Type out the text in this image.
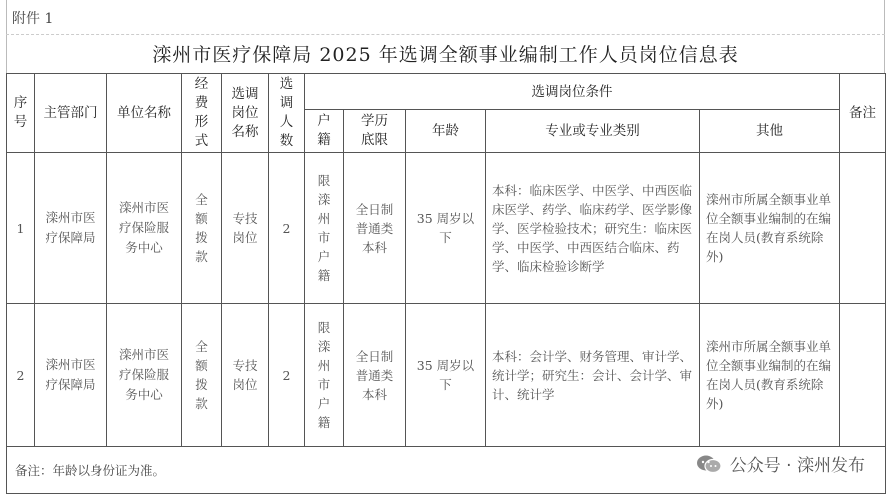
附件 1
滦州市医疗保障局 2025 年选调全额事业编制工作人员岗位信息表
序号	主管部门	单位名称	经费形式	选调岗位名称	选调人数	选调岗位条件					备注
						户籍	学历底限	年龄	专业或专业类别	其他	
1	滦州市医疗保障局	滦州市医疗保险服务中心	全额拨款	专技岗位	2	限滦州市户籍	全日制普通类本科	35 周岁以下	本科：临床医学、中医学、中西医临床医学、药学、临床药学、医学影像学、医学检验技术；研究生：临床医学、中医学、中西医结合临床、药学、临床检验诊断学	滦州市所属全额事业单位全额事业编制的在编在岗人员(教育系统除外)	
2	滦州市医疗保障局	滦州市医疗保险服务中心	全额拨款	专技岗位	2	限滦州市户籍	全日制普通类本科	35 周岁以下	本科：会计学、财务管理、审计学、统计学；研究生：会计、会计学、审计、统计学	滦州市所属全额事业单位全额事业编制的在编在岗人员(教育系统除外)	
备注：年龄以身份证为准。												公众号 · 滦州发布
